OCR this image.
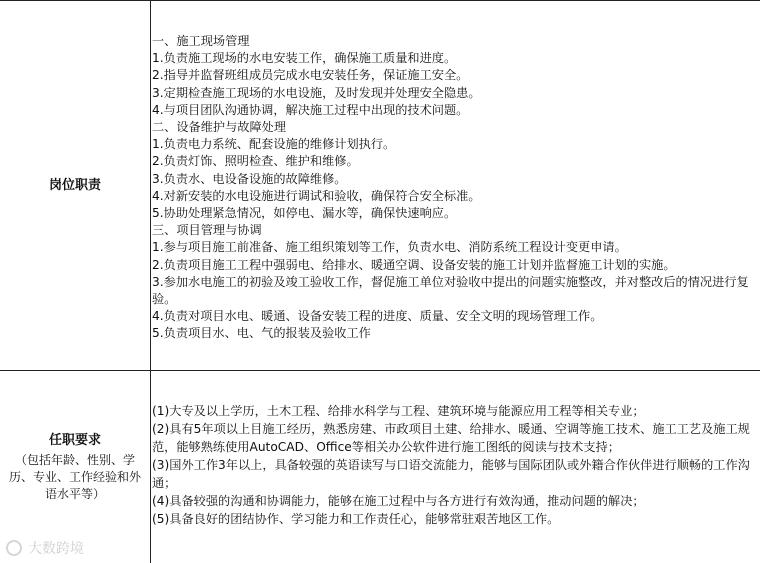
岗位职责
一、施工现场管理
1.负责施工现场的水电安装工作，确保施工质量和进度。
2.指导并监督班组成员完成水电安装任务，保证施工安全。
3.定期检查施工现场的水电设施，及时发现并处理安全隐患。
4.与项目团队沟通协调，解决施工过程中出现的技术问题。
二、设备维护与故障处理
1.负责电力系统、配套设施的维修计划执行。
2.负责灯饰、照明检查、维护和维修。
3.负责水、电设备设施的故障维修。
4.对新安装的水电设施进行调试和验收，确保符合安全标准。
5.协助处理紧急情况，如停电、漏水等，确保快速响应。
三、项目管理与协调
1.参与项目施工前准备、施工组织策划等工作，负责水电、消防系统工程设计变更申请。
2.负责项目施工工程中强弱电、给排水、暖通空调、设备安装的施工计划并监督施工计划的实施。
3.参加水电施工的初验及竣工验收工作，督促施工单位对验收中提出的问题实施整改，并对整改后的情况进行复验。
4.负责对项目水电、暖通、设备安装工程的进度、质量、安全文明的现场管理工作。
5.负责项目水、电、气的报装及验收工作
任职要求
（包括年龄、性别、学历、专业、工作经验和外语水平等）
(1)大专及以上学历，土木工程、给排水科学与工程、建筑环境与能源应用工程等相关专业；
(2)具有5年项以上目施工经历，熟悉房建、市政项目土建、给排水、暖通、空调等施工技术、施工工艺及施工规范，能够熟练使用AutoCAD、Office等相关办公软件进行施工图纸的阅读与技术支持；
(3)国外工作3年以上，具备较强的英语读写与口语交流能力，能够与国际团队或外籍合作伙伴进行顺畅的工作沟通；
(4)具备较强的沟通和协调能力，能够在施工过程中与各方进行有效沟通，推动问题的解决；
(5)具备良好的团结协作、学习能力和工作责任心，能够常驻艰苦地区工作。
大数跨境
